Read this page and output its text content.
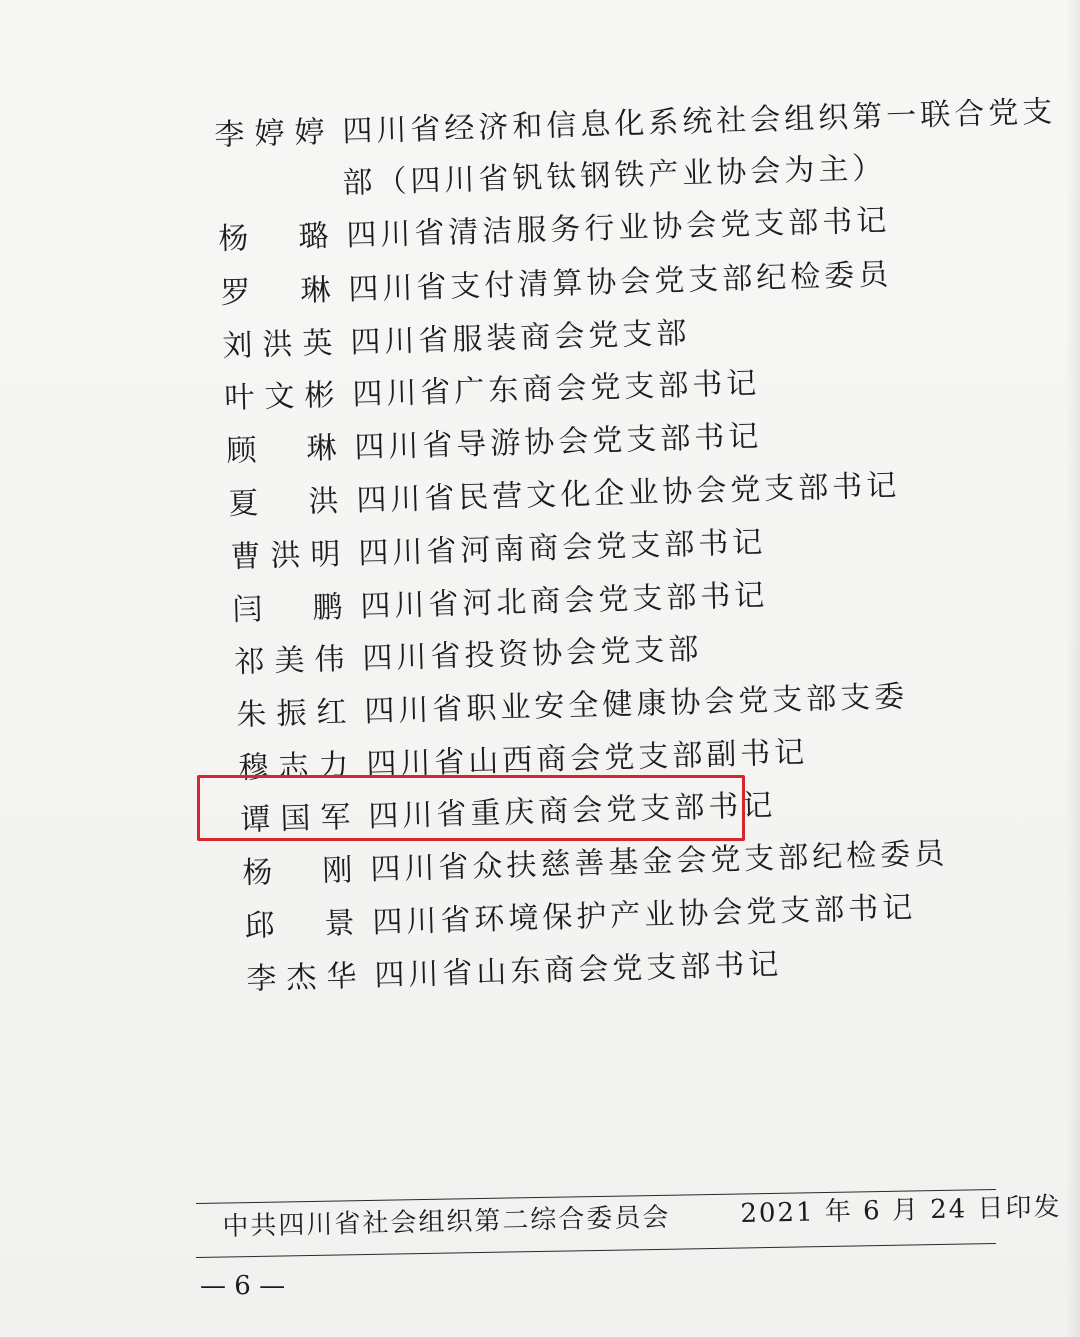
李婷婷 四川省经济和信息化系统社会组织第一联合党支
部（四川省钒钛钢铁产业协会为主）
杨璐 四川省清洁服务行业协会党支部书记
罗琳 四川省支付清算协会党支部纪检委员
刘洪英 四川省服装商会党支部
叶文彬 四川省广东商会党支部书记
顾琳 四川省导游协会党支部书记
夏洪 四川省民营文化企业协会党支部书记
曹洪明 四川省河南商会党支部书记
闫鹏 四川省河北商会党支部书记
祁美伟 四川省投资协会党支部
朱振红 四川省职业安全健康协会党支部支委
穆志力 四川省山西商会党支部副书记
谭国军 四川省重庆商会党支部书记
杨刚 四川省众扶慈善基金会党支部纪检委员
邱景 四川省环境保护产业协会党支部书记
李杰华 四川省山东商会党支部书记
中共四川省社会组织第二综合委员会	2021 年 6 月 24 日印发
— 6 —
